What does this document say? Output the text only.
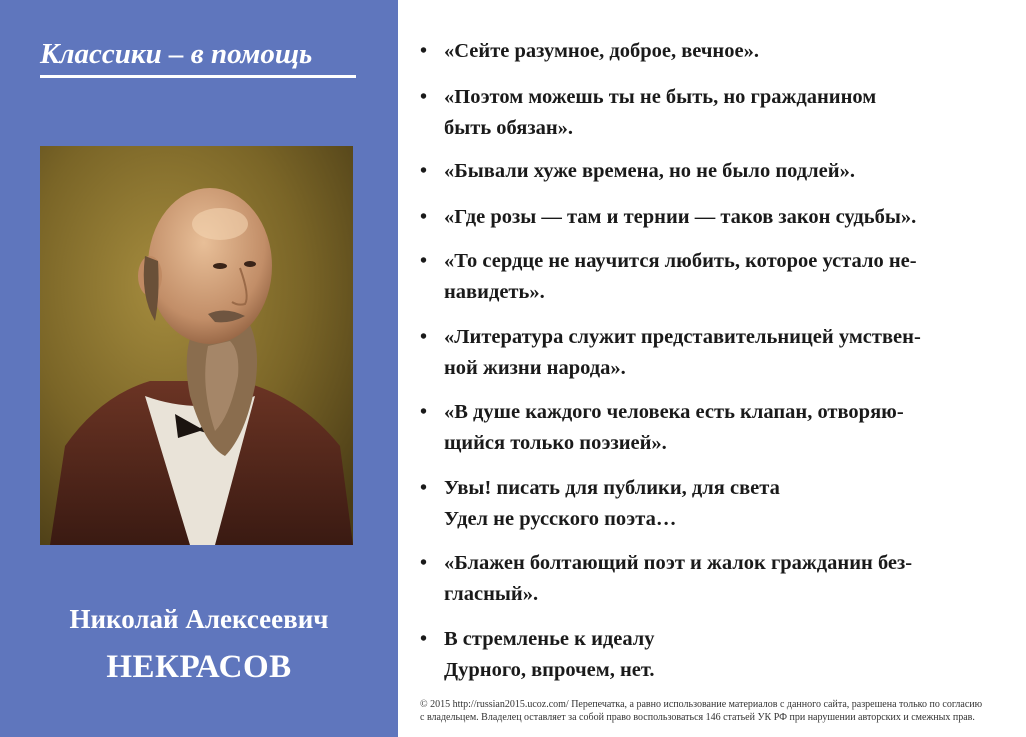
Классики – в помощь
Николай Алексеевич
НЕКРАСОВ
• «Сейте разумное, доброе, вечное».
• «Поэтом можешь ты не быть, но гражданином
быть обязан».
• «Бывали хуже времена, но не было подлей».
• «Где розы — там и тернии — таков закон судьбы».
• «То сердце не научится любить, которое устало не-
навидеть».
• «Литература служит представительницей умствен-
ной жизни народа».
• «В душе каждого человека есть клапан, отворяю-
щийся только поэзией».
• Увы! писать для публики, для света
Удел не русского поэта…
• «Блажен болтающий поэт и жалок гражданин без-
гласный».
• В стремленье к идеалу
Дурного, впрочем, нет.
© 2015 http://russian2015.ucoz.com/ Перепечатка, а равно использование материалов с данного сайта, разрешена только по согласию
с владельцем. Владелец оставляет за собой право воспользоваться 146 статьей УК РФ при нарушении авторских и смежных прав.
